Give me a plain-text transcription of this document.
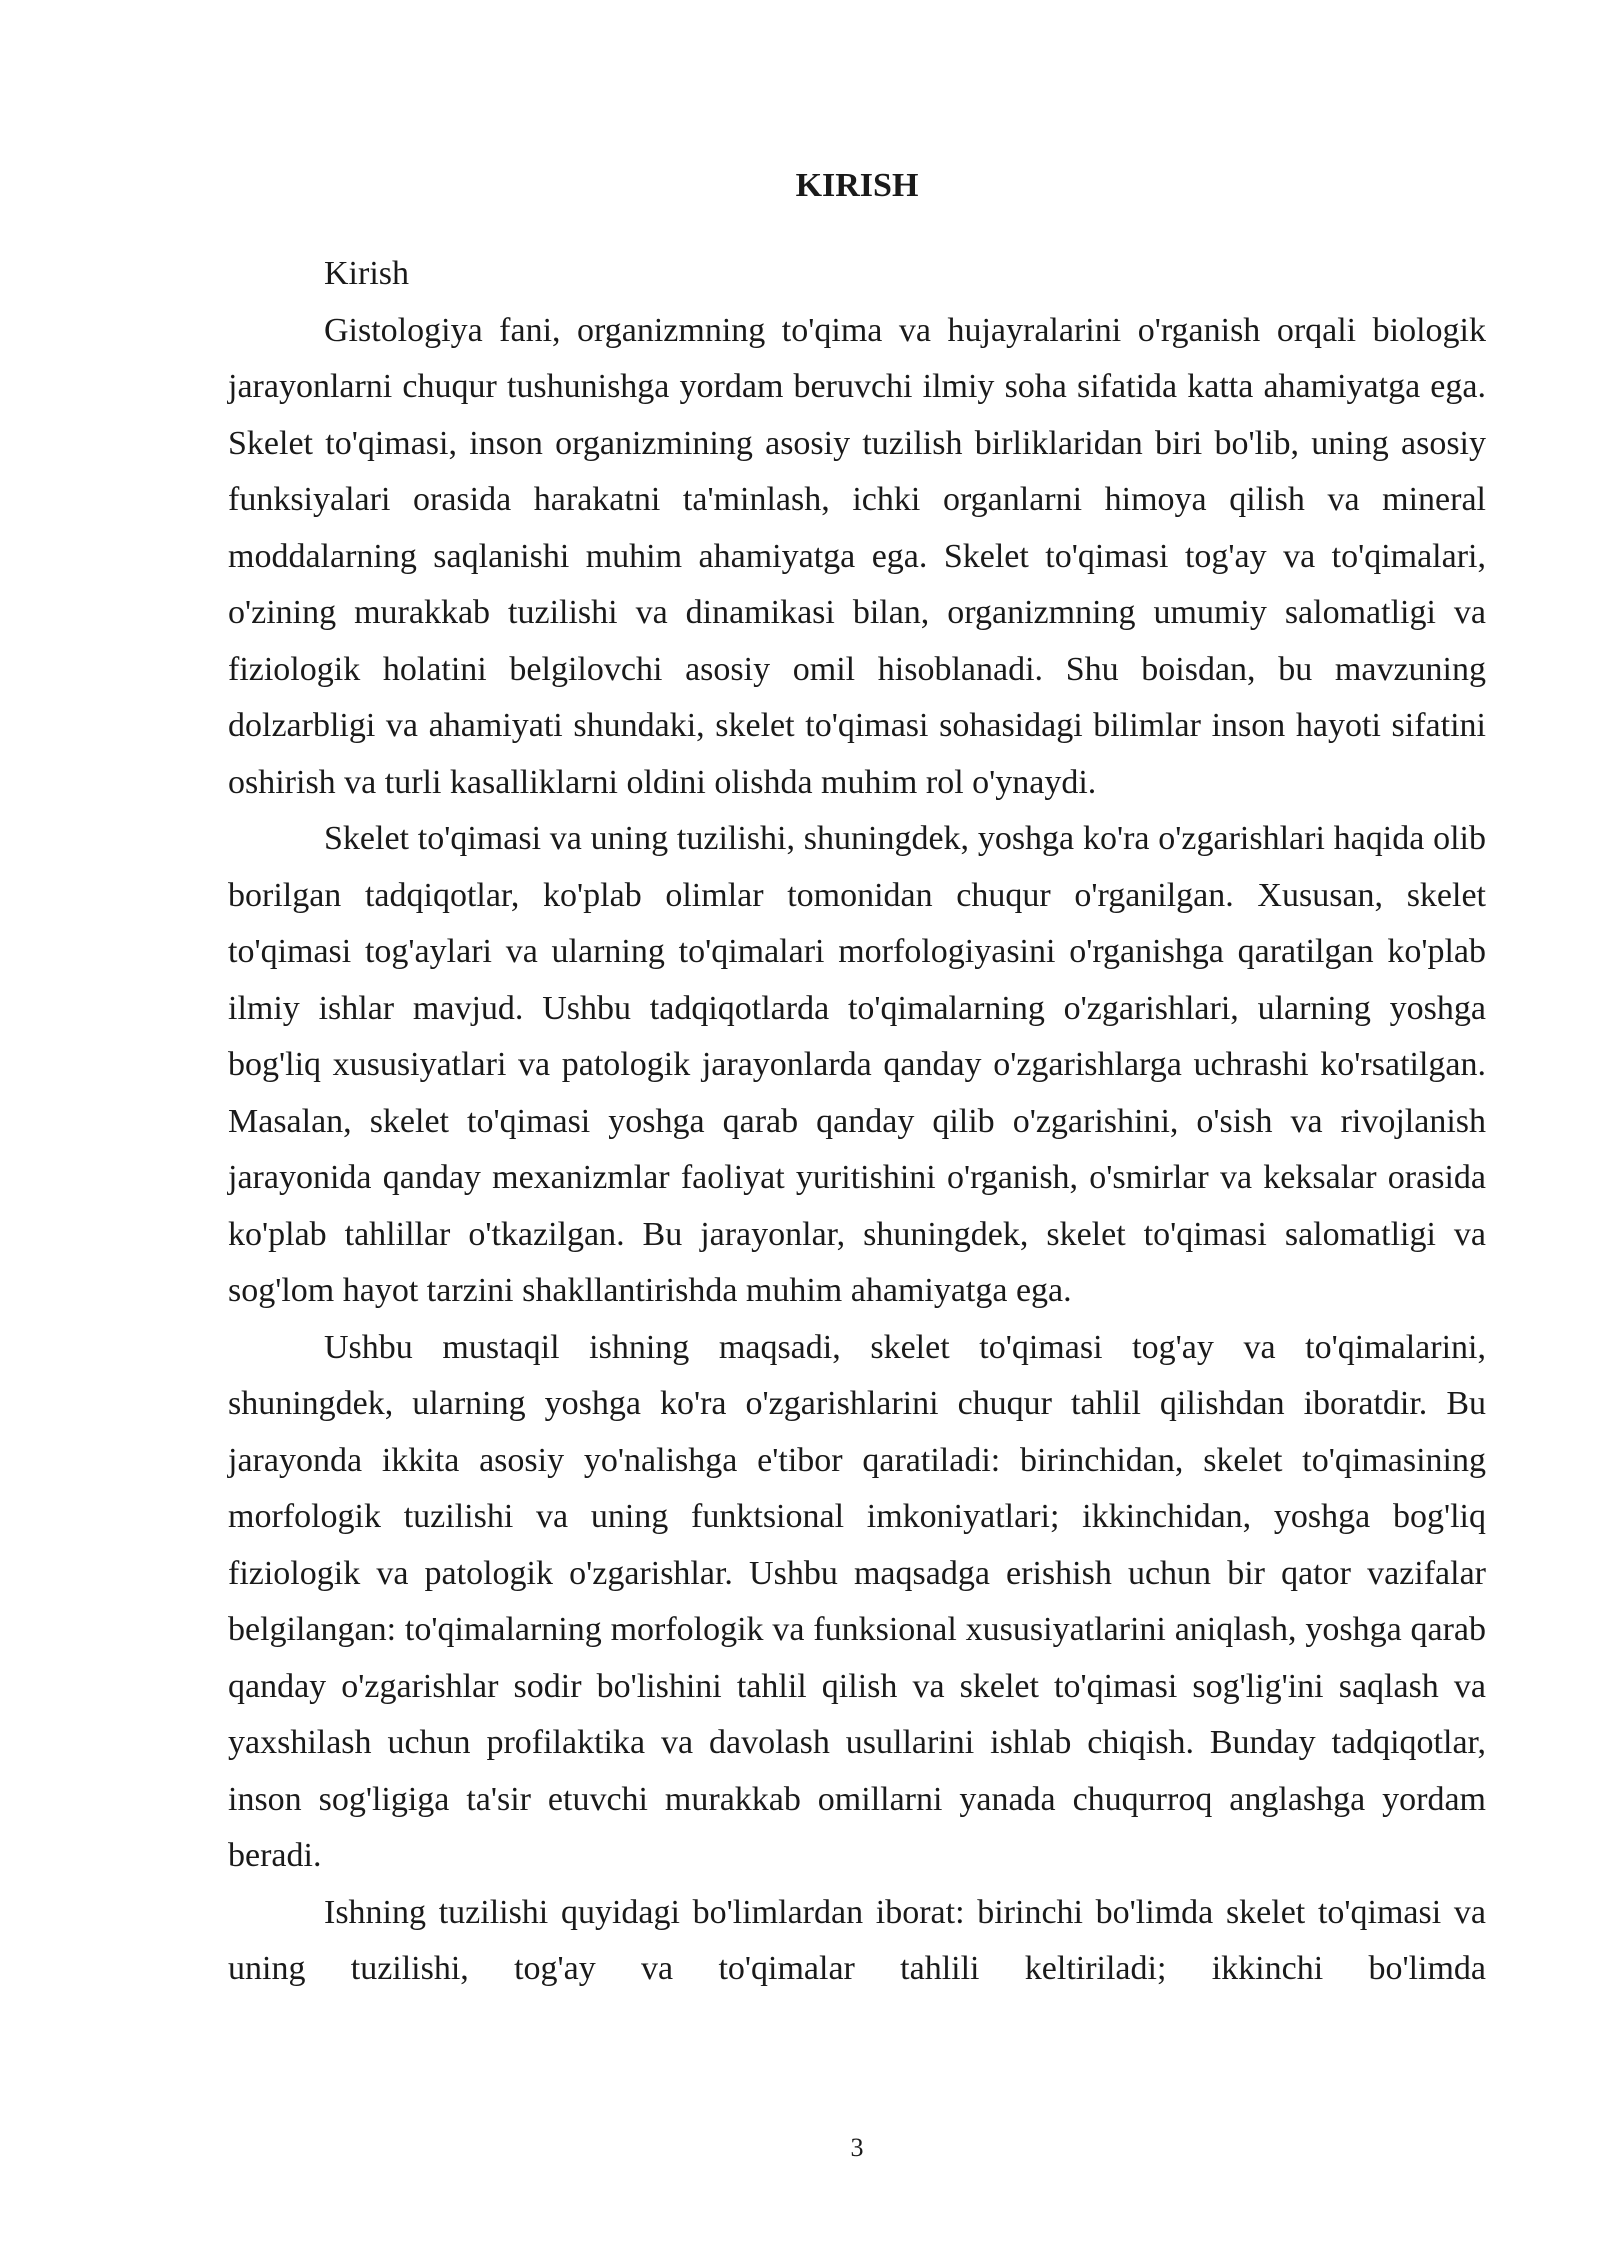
KIRISH

Kirish

Gistologiya fani, organizmning to'qima va hujayralarini o'rganish orqali biologik jarayonlarni chuqur tushunishga yordam beruvchi ilmiy soha sifatida katta ahamiyatga ega. Skelet to'qimasi, inson organizmining asosiy tuzilish birliklaridan biri bo'lib, uning asosiy funksiyalari orasida harakatni ta'minlash, ichki organlarni himoya qilish va mineral moddalarning saqlanishi muhim ahamiyatga ega. Skelet to'qimasi tog'ay va to'qimalari, o'zining murakkab tuzilishi va dinamikasi bilan, organizmning umumiy salomatligi va fiziologik holatini belgilovchi asosiy omil hisoblanadi. Shu boisdan, bu mavzuning dolzarbligi va ahamiyati shundaki, skelet to'qimasi sohasidagi bilimlar inson hayoti sifatini oshirish va turli kasalliklarni oldini olishda muhim rol o'ynaydi.

Skelet to'qimasi va uning tuzilishi, shuningdek, yoshga ko'ra o'zgarishlari haqida olib borilgan tadqiqotlar, ko'plab olimlar tomonidan chuqur o'rganilgan. Xususan, skelet to'qimasi tog'aylari va ularning to'qimalari morfologiyasini o'rganishga qaratilgan ko'plab ilmiy ishlar mavjud. Ushbu tadqiqotlarda to'qimalarning o'zgarishlari, ularning yoshga bog'liq xususiyatlari va patologik jarayonlarda qanday o'zgarishlarga uchrashi ko'rsatilgan. Masalan, skelet to'qimasi yoshga qarab qanday qilib o'zgarishini, o'sish va rivojlanish jarayonida qanday mexanizmlar faoliyat yuritishini o'rganish, o'smirlar va keksalar orasida ko'plab tahlillar o'tkazilgan. Bu jarayonlar, shuningdek, skelet to'qimasi salomatligi va sog'lom hayot tarzini shakllantirishda muhim ahamiyatga ega.

Ushbu mustaqil ishning maqsadi, skelet to'qimasi tog'ay va to'qimalarini, shuningdek, ularning yoshga ko'ra o'zgarishlarini chuqur tahlil qilishdan iboratdir. Bu jarayonda ikkita asosiy yo'nalishga e'tibor qaratiladi: birinchidan, skelet to'qimasining morfologik tuzilishi va uning funktsional imkoniyatlari; ikkinchidan, yoshga bog'liq fiziologik va patologik o'zgarishlar. Ushbu maqsadga erishish uchun bir qator vazifalar belgilangan: to'qimalarning morfologik va funksional xususiyatlarini aniqlash, yoshga qarab qanday o'zgarishlar sodir bo'lishini tahlil qilish va skelet to'qimasi sog'lig'ini saqlash va yaxshilash uchun profilaktika va davolash usullarini ishlab chiqish. Bunday tadqiqotlar, inson sog'ligiga ta'sir etuvchi murakkab omillarni yanada chuqurroq anglashga yordam beradi.

Ishning tuzilishi quyidagi bo'limlardan iborat: birinchi bo'limda skelet to'qimasi va uning tuzilishi, tog'ay va to'qimalar tahlili keltiriladi; ikkinchi bo'limda

3
